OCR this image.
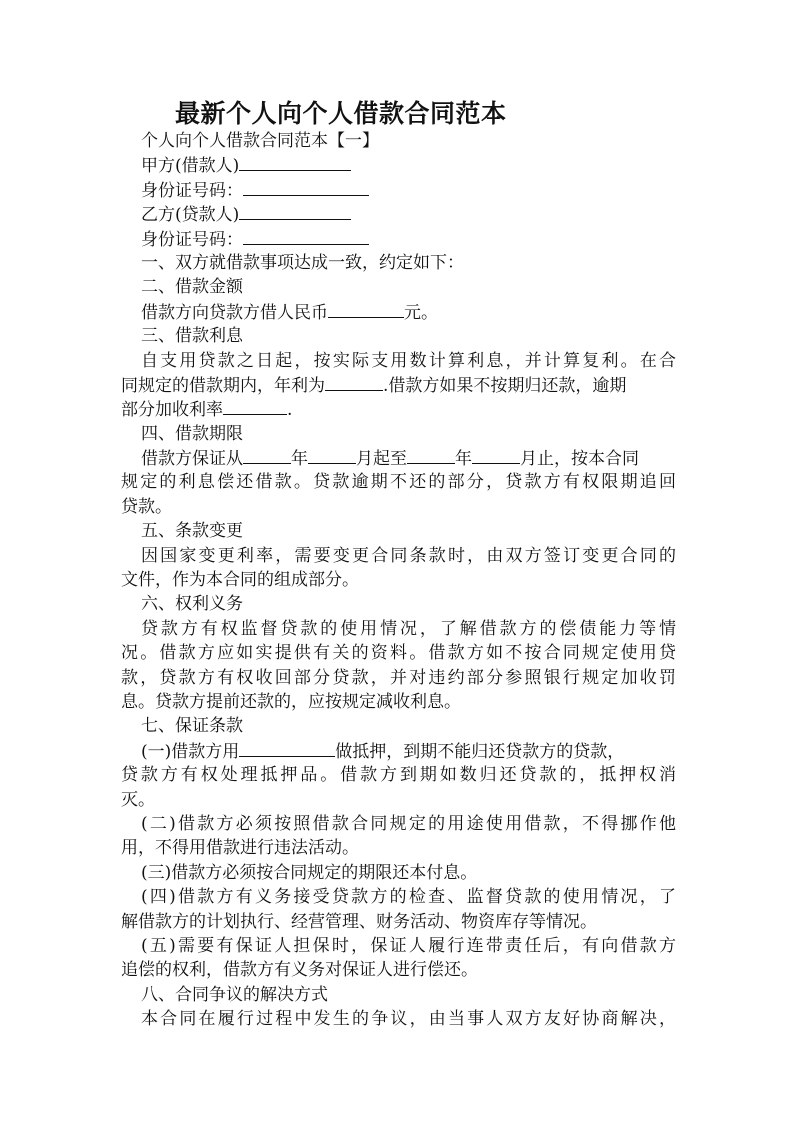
最新个人向个人借款合同范本
个人向个人借款合同范本【一】
甲方(借款人)
身份证号码：
乙方(贷款人)
身份证号码：
一、双方就借款事项达成一致，约定如下：
二、借款金额
借款方向贷款方借人民币	元。
三、借款利息
自支用贷款之日起，按实际支用数计算利息，并计算复利。在合
同规定的借款期内，年利为	.借款方如果不按期归还款，逾期
部分加收利率	.
四、借款期限
借款方保证从	年	月起至	年	月止，按本合同
规定的利息偿还借款。贷款逾期不还的部分，贷款方有权限期追回
贷款。
五、条款变更
因国家变更利率，需要变更合同条款时，由双方签订变更合同的
文件，作为本合同的组成部分。
六、权利义务
贷款方有权监督贷款的使用情况，了解借款方的偿债能力等情
况。借款方应如实提供有关的资料。借款方如不按合同规定使用贷
款，贷款方有权收回部分贷款，并对违约部分参照银行规定加收罚
息。贷款方提前还款的，应按规定减收利息。
七、保证条款
(一)借款方用	做抵押，到期不能归还贷款方的贷款，
贷款方有权处理抵押品。借款方到期如数归还贷款的，抵押权消
灭。
(二)借款方必须按照借款合同规定的用途使用借款，不得挪作他
用，不得用借款进行违法活动。
(三)借款方必须按合同规定的期限还本付息。
(四)借款方有义务接受贷款方的检查、监督贷款的使用情况，了
解借款方的计划执行、经营管理、财务活动、物资库存等情况。
(五)需要有保证人担保时，保证人履行连带责任后，有向借款方
追偿的权利，借款方有义务对保证人进行偿还。
八、合同争议的解决方式
本合同在履行过程中发生的争议，由当事人双方友好协商解决，
